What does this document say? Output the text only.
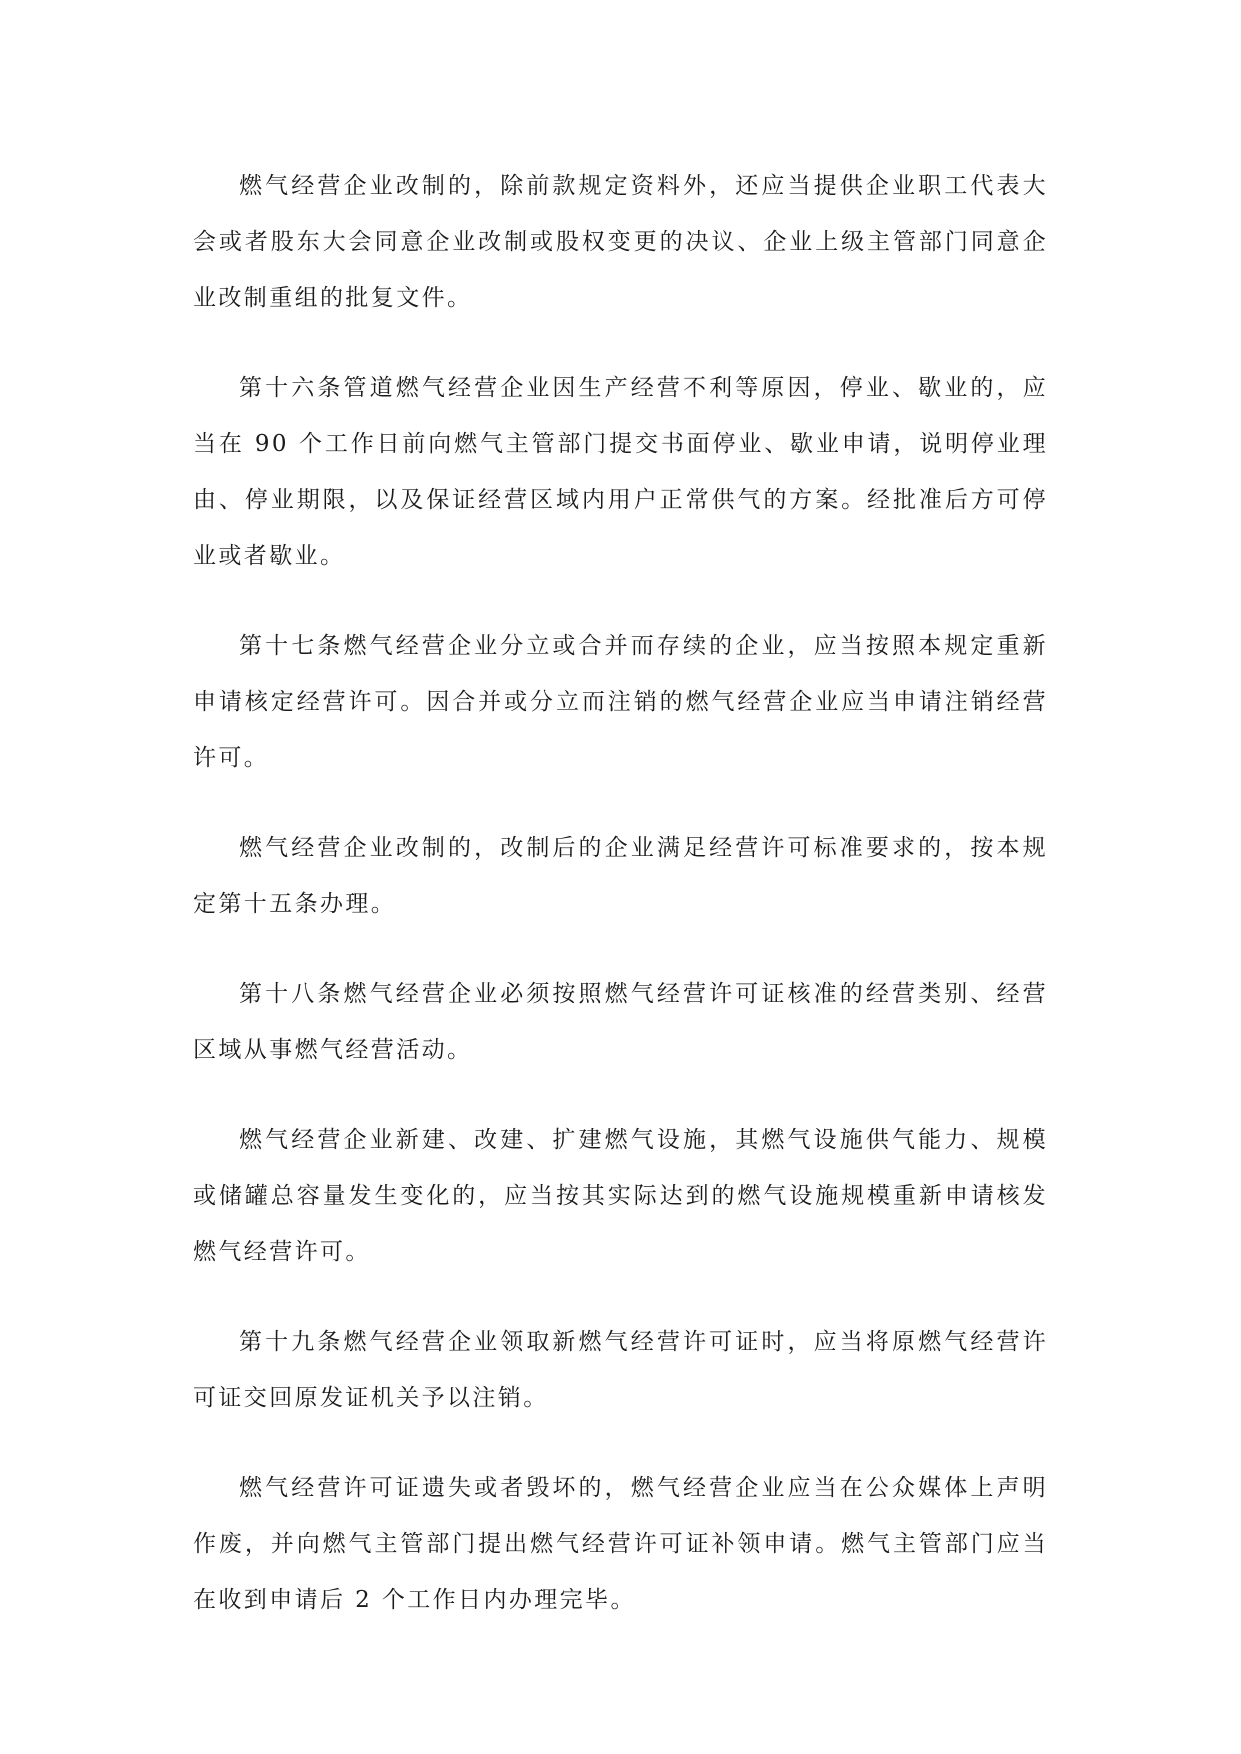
燃气经营企业改制的，除前款规定资料外，还应当提供企业职工代表大会或者股东大会同意企业改制或股权变更的决议、企业上级主管部门同意企业改制重组的批复文件。

第十六条管道燃气经营企业因生产经营不利等原因，停业、歇业的，应当在 90 个工作日前向燃气主管部门提交书面停业、歇业申请，说明停业理由、停业期限，以及保证经营区域内用户正常供气的方案。经批准后方可停业或者歇业。

第十七条燃气经营企业分立或合并而存续的企业，应当按照本规定重新申请核定经营许可。因合并或分立而注销的燃气经营企业应当申请注销经营许可。

燃气经营企业改制的，改制后的企业满足经营许可标准要求的，按本规定第十五条办理。

第十八条燃气经营企业必须按照燃气经营许可证核准的经营类别、经营区域从事燃气经营活动。

燃气经营企业新建、改建、扩建燃气设施，其燃气设施供气能力、规模或储罐总容量发生变化的，应当按其实际达到的燃气设施规模重新申请核发燃气经营许可。

第十九条燃气经营企业领取新燃气经营许可证时，应当将原燃气经营许可证交回原发证机关予以注销。

燃气经营许可证遗失或者毁坏的，燃气经营企业应当在公众媒体上声明作废，并向燃气主管部门提出燃气经营许可证补领申请。燃气主管部门应当在收到申请后 2 个工作日内办理完毕。
